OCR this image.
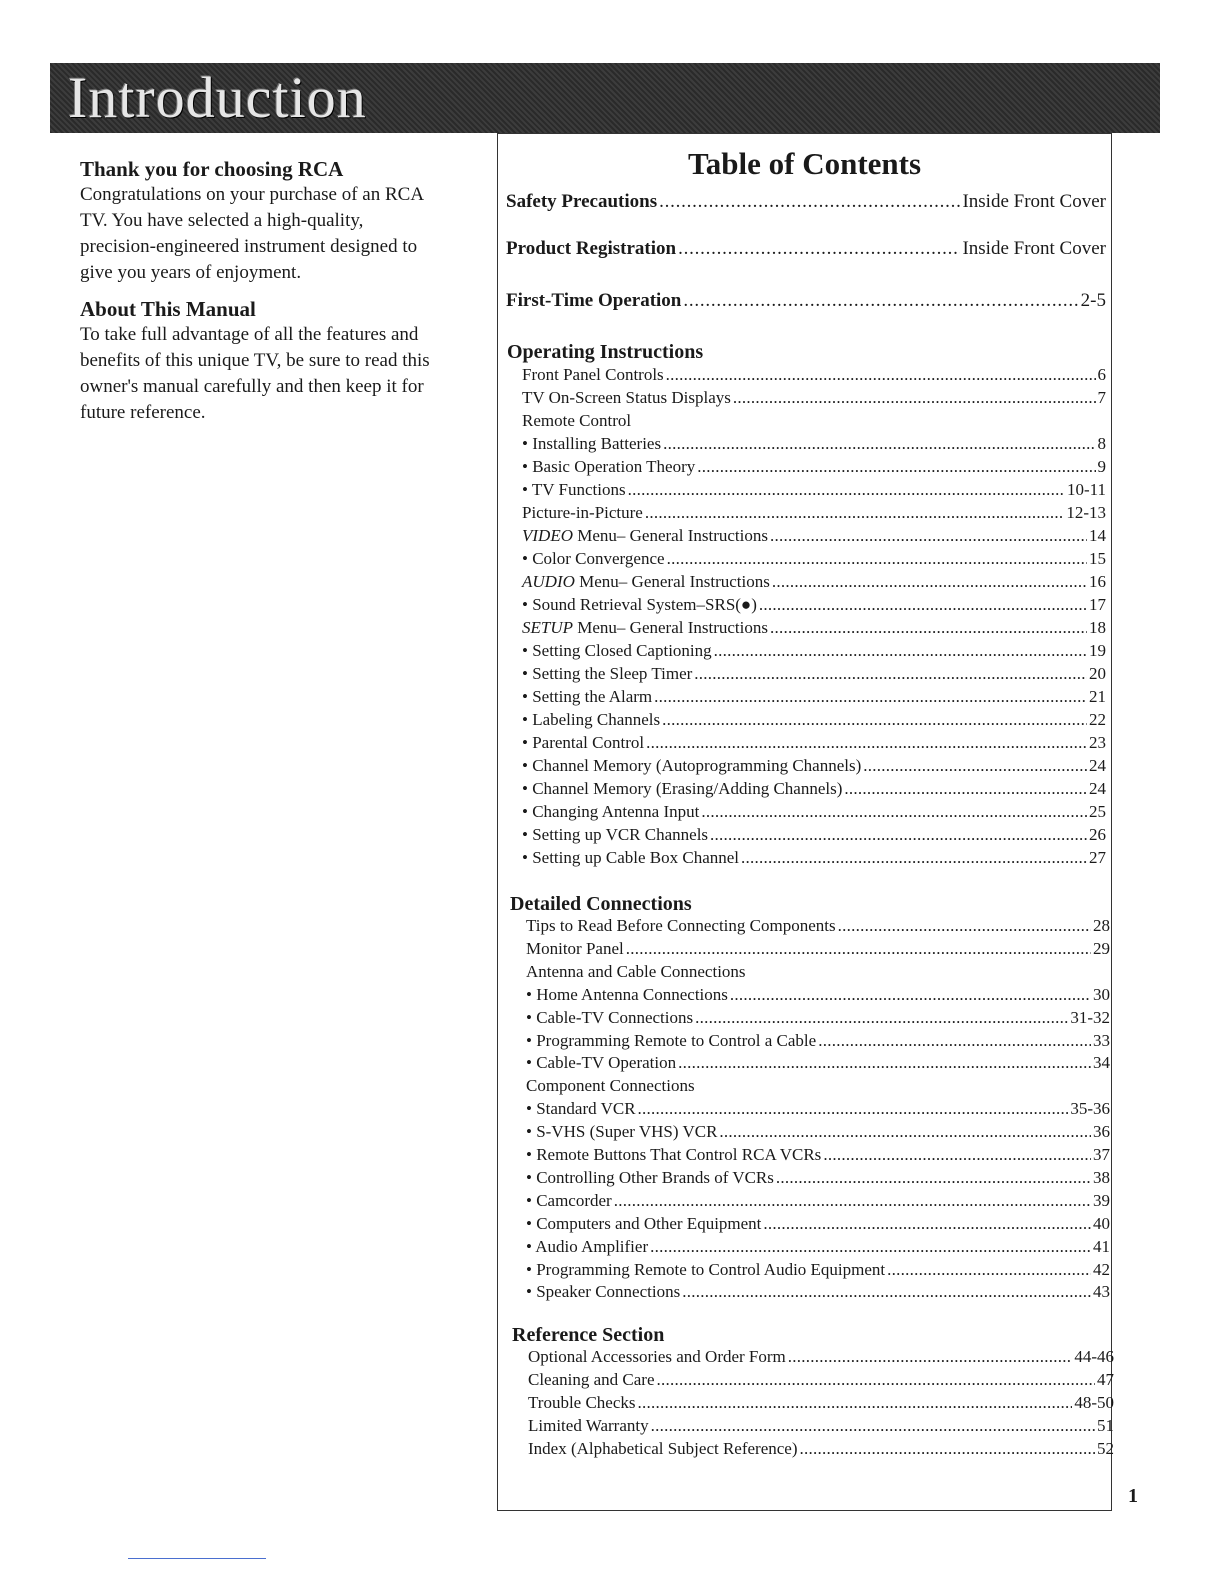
Introduction
Thank you for choosing RCA

Congratulations on your purchase of an RCA TV. You have selected a high-quality, precision-engineered instrument designed to give you years of enjoyment.

About This Manual

To take full advantage of all the features and benefits of this unique TV, be sure to read this owner's manual carefully and then keep it for future reference.

Table of Contents
Safety Precautions . . .	Inside Front Cover
Product Registration . . .	Inside Front Cover
First-Time Operation . . .	2-5
Operating Instructions
Front Panel Controls . . .	6
TV On-Screen Status Displays . . .	7
Remote Control
• Installing Batteries . . .	8
• Basic Operation Theory . . .	9
• TV Functions . . .	10-11
Picture-in-Picture . . .	12-13
VIDEO Menu– General Instructions . . .	14
• Color Convergence . . .	15
AUDIO Menu– General Instructions . . .	16
• Sound Retrieval System–SRS(●) . . .	17
SETUP Menu– General Instructions . . .	18
• Setting Closed Captioning . . .	19
• Setting the Sleep Timer . . .	20
• Setting the Alarm . . .	21
• Labeling Channels . . .	22
• Parental Control . . .	23
• Channel Memory (Autoprogramming Channels) . . .	24
• Channel Memory (Erasing/Adding Channels) . . .	24
• Changing Antenna Input . . .	25
• Setting up VCR Channels . . .	26
• Setting up Cable Box Channel . . .	27
Detailed Connections
Tips to Read Before Connecting Components . . .	28
Monitor Panel . . .	29
Antenna and Cable Connections
• Home Antenna Connections . . .	30
• Cable-TV Connections . . .	31-32
• Programming Remote to Control a Cable . . .	33
• Cable-TV Operation . . .	34
Component Connections
• Standard VCR . . .	35-36
• S-VHS (Super VHS) VCR . . .	36
• Remote Buttons That Control RCA VCRs . . .	37
• Controlling Other Brands of VCRs . . .	38
• Camcorder . . .	39
• Computers and Other Equipment . . .	40
• Audio Amplifier . . .	41
• Programming Remote to Control Audio Equipment . . .	42
• Speaker Connections . . .	43
Reference Section
Optional Accessories and Order Form . . .	44-46
Cleaning and Care . . .	47
Trouble Checks . . .	48-50
Limited Warranty . . .	51
Index (Alphabetical Subject Reference) . . .	52
1
